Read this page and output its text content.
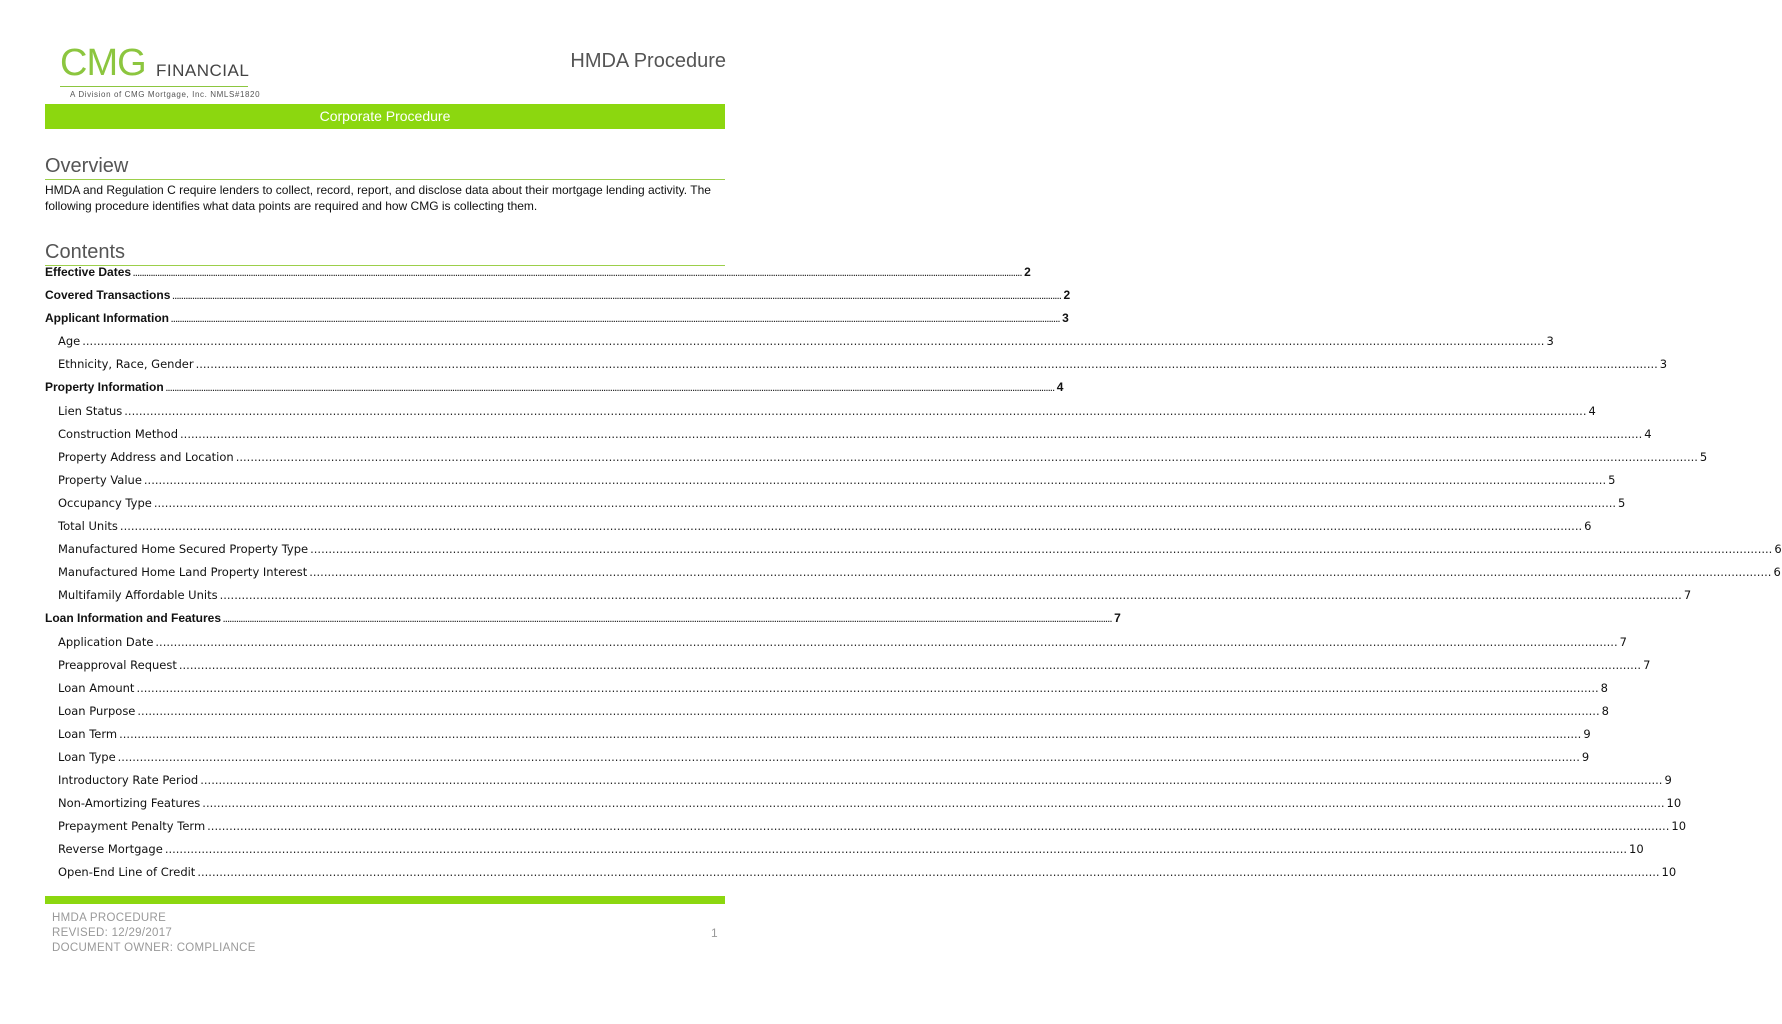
CMG FINANCIAL
A Division of CMG Mortgage, Inc. NMLS#1820
HMDA Procedure
Corporate Procedure
Overview
HMDA and Regulation C require lenders to collect, record, report, and disclose data about their mortgage lending activity. The following procedure identifies what data points are required and how CMG is collecting them.
Contents
Effective Dates ................................................................................................................................................................................................................................................................................................................................................................................................................ 2
Covered Transactions ................................................................................................................................................................................................................................................................................................................................................................................................................ 2
Applicant Information ................................................................................................................................................................................................................................................................................................................................................................................................................ 3
Age ................................................................................................................................................................................................................................................................................................................................................................................................................ 3
Ethnicity, Race, Gender ................................................................................................................................................................................................................................................................................................................................................................................................................ 3
Property Information ................................................................................................................................................................................................................................................................................................................................................................................................................ 4
Lien Status ................................................................................................................................................................................................................................................................................................................................................................................................................ 4
Construction Method ................................................................................................................................................................................................................................................................................................................................................................................................................ 4
Property Address and Location ................................................................................................................................................................................................................................................................................................................................................................................................................ 5
Property Value ................................................................................................................................................................................................................................................................................................................................................................................................................ 5
Occupancy Type ................................................................................................................................................................................................................................................................................................................................................................................................................ 5
Total Units ................................................................................................................................................................................................................................................................................................................................................................................................................ 6
Manufactured Home Secured Property Type ................................................................................................................................................................................................................................................................................................................................................................................................................ 6
Manufactured Home Land Property Interest ................................................................................................................................................................................................................................................................................................................................................................................................................ 6
Multifamily Affordable Units ................................................................................................................................................................................................................................................................................................................................................................................................................ 7
Loan Information and Features ................................................................................................................................................................................................................................................................................................................................................................................................................ 7
Application Date ................................................................................................................................................................................................................................................................................................................................................................................................................ 7
Preapproval Request ................................................................................................................................................................................................................................................................................................................................................................................................................ 7
Loan Amount ................................................................................................................................................................................................................................................................................................................................................................................................................ 8
Loan Purpose ................................................................................................................................................................................................................................................................................................................................................................................................................ 8
Loan Term ................................................................................................................................................................................................................................................................................................................................................................................................................ 9
Loan Type ................................................................................................................................................................................................................................................................................................................................................................................................................ 9
Introductory Rate Period ................................................................................................................................................................................................................................................................................................................................................................................................................ 9
Non-Amortizing Features ................................................................................................................................................................................................................................................................................................................................................................................................................ 10
Prepayment Penalty Term ................................................................................................................................................................................................................................................................................................................................................................................................................ 10
Reverse Mortgage ................................................................................................................................................................................................................................................................................................................................................................................................................ 10
Open-End Line of Credit ................................................................................................................................................................................................................................................................................................................................................................................................................ 10
HMDA PROCEDURE
REVISED: 12/29/2017
DOCUMENT OWNER: COMPLIANCE
1
